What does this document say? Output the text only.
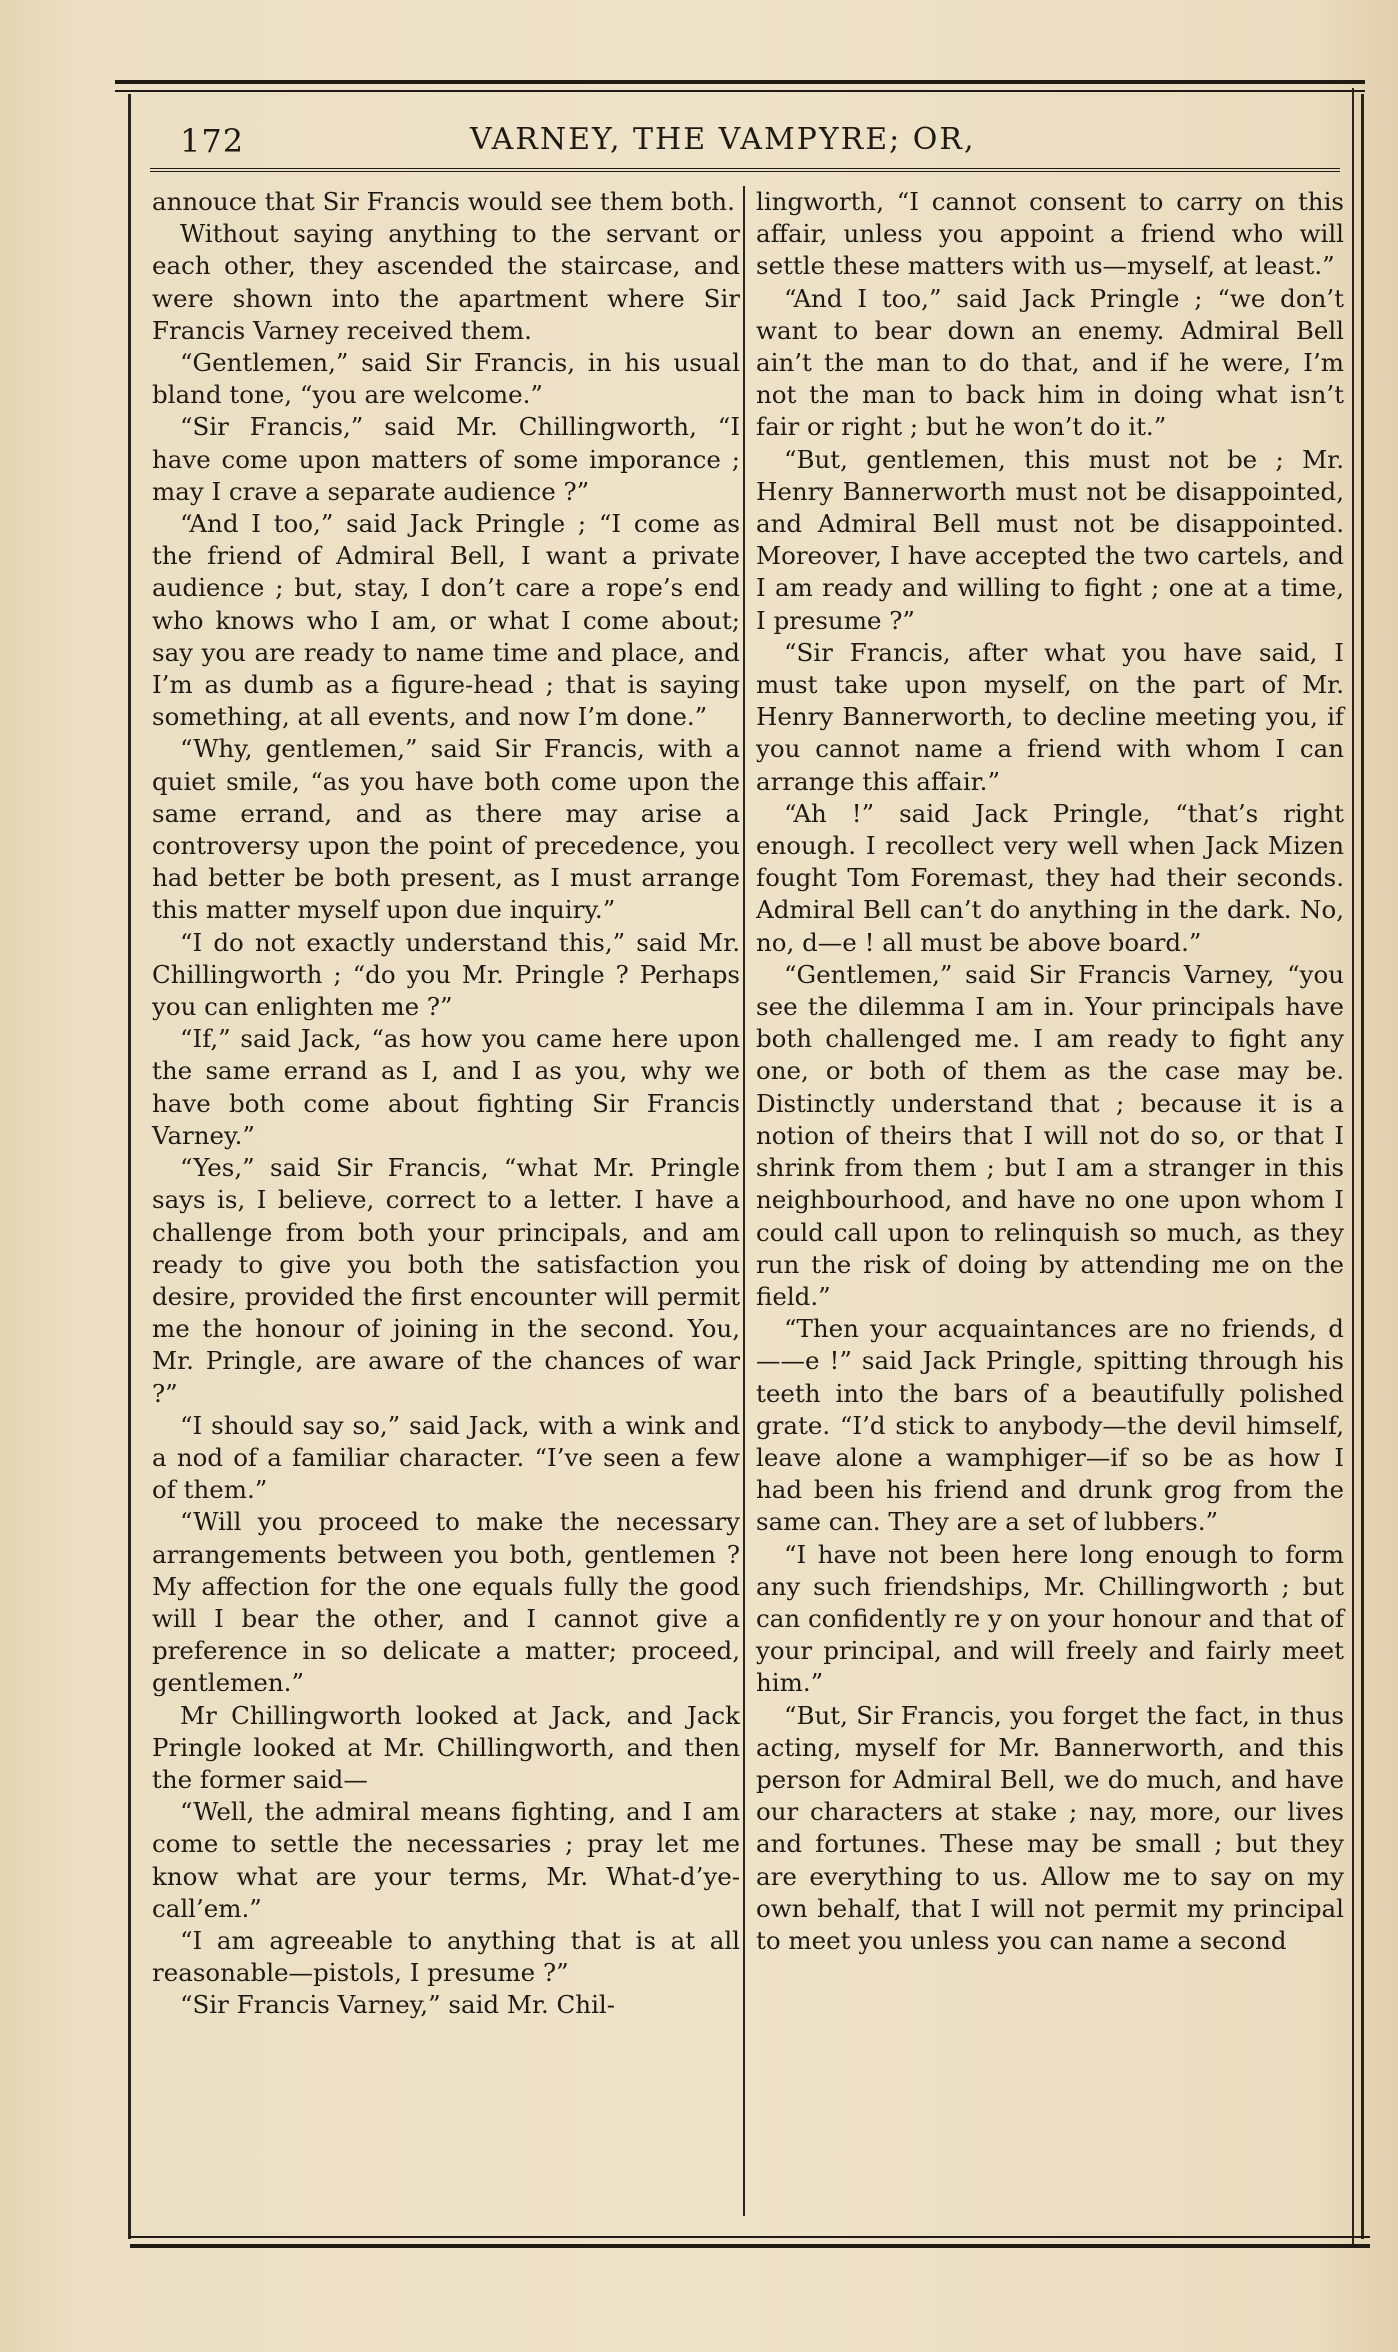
172	VARNEY, THE VAMPYRE; OR,

annouce that Sir Francis would see them both.

Without saying anything to the servant or each other, they ascended the staircase, and were shown into the apartment where Sir Francis Varney received them.

“Gentlemen,” said Sir Francis, in his usual bland tone, “you are welcome.”

“Sir Francis,” said Mr. Chillingworth, “I have come upon matters of some imporance ; may I crave a separate audience ?”

“And I too,” said Jack Pringle ; “I come as the friend of Admiral Bell, I want a private audience ; but, stay, I don’t care a rope’s end who knows who I am, or what I come about; say you are ready to name time and place, and I’m as dumb as a figure-head ; that is saying something, at all events, and now I’m done.”

“Why, gentlemen,” said Sir Francis, with a quiet smile, “as you have both come upon the same errand, and as there may arise a controversy upon the point of precedence, you had better be both present, as I must arrange this matter myself upon due inquiry.”

“I do not exactly understand this,” said Mr. Chillingworth ; “do you Mr. Pringle ? Perhaps you can enlighten me ?”

“If,” said Jack, “as how you came here upon the same errand as I, and I as you, why we have both come about fighting Sir Francis Varney.”

“Yes,” said Sir Francis, “what Mr. Pringle says is, I believe, correct to a letter. I have a challenge from both your principals, and am ready to give you both the satisfaction you desire, provided the first encounter will permit me the honour of joining in the second. You, Mr. Pringle, are aware of the chances of war ?”

“I should say so,” said Jack, with a wink and a nod of a familiar character. “I’ve seen a few of them.”

“Will you proceed to make the necessary arrangements between you both, gentlemen ? My affection for the one equals fully the good will I bear the other, and I cannot give a preference in so delicate a matter; proceed, gentlemen.”

Mr Chillingworth looked at Jack, and Jack Pringle looked at Mr. Chillingworth, and then the former said—

“Well, the admiral means fighting, and I am come to settle the necessaries ; pray let me know what are your terms, Mr. What-d’ye-call’em.”

“I am agreeable to anything that is at all reasonable—pistols, I presume ?”

“Sir Francis Varney,” said Mr. Chil-

lingworth, “I cannot consent to carry on this affair, unless you appoint a friend who will settle these matters with us—myself, at least.”

“And I too,” said Jack Pringle ; “we don’t want to bear down an enemy. Admiral Bell ain’t the man to do that, and if he were, I’m not the man to back him in doing what isn’t fair or right ; but he won’t do it.”

“But, gentlemen, this must not be ; Mr. Henry Bannerworth must not be disappointed, and Admiral Bell must not be disappointed. Moreover, I have accepted the two cartels, and I am ready and willing to fight ; one at a time, I presume ?”

“Sir Francis, after what you have said, I must take upon myself, on the part of Mr. Henry Bannerworth, to decline meeting you, if you cannot name a friend with whom I can arrange this affair.”

“Ah !” said Jack Pringle, “that’s right enough. I recollect very well when Jack Mizen fought Tom Foremast, they had their seconds. Admiral Bell can’t do anything in the dark. No, no, d—e ! all must be above board.”

“Gentlemen,” said Sir Francis Varney, “you see the dilemma I am in. Your principals have both challenged me. I am ready to fight any one, or both of them as the case may be. Distinctly understand that ; because it is a notion of theirs that I will not do so, or that I shrink from them ; but I am a stranger in this neighbourhood, and have no one upon whom I could call upon to relinquish so much, as they run the risk of doing by attending me on the field.”

“Then your acquaintances are no friends, d——e !” said Jack Pringle, spitting through his teeth into the bars of a beautifully polished grate. “I’d stick to anybody—the devil himself, leave alone a wamphiger—if so be as how I had been his friend and drunk grog from the same can. They are a set of lubbers.”

“I have not been here long enough to form any such friendships, Mr. Chillingworth ; but can confidently re y on your honour and that of your principal, and will freely and fairly meet him.”

“But, Sir Francis, you forget the fact, in thus acting, myself for Mr. Bannerworth, and this person for Admiral Bell, we do much, and have our characters at stake ; nay, more, our lives and fortunes. These may be small ; but they are everything to us. Allow me to say on my own behalf, that I will not permit my principal to meet you unless you can name a second
